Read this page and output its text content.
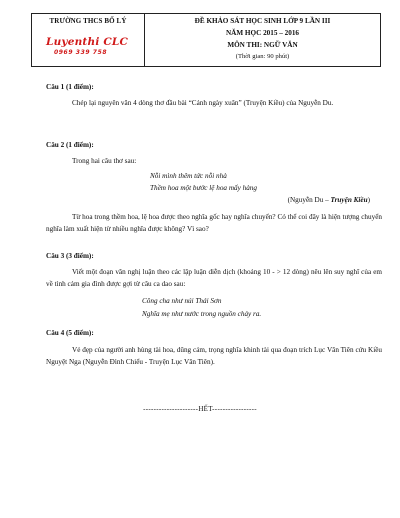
TRƯỜNG THCS BỐ LÝ
Luyenthi CLC
0969 339 758
ĐỀ KHẢO SÁT HỌC SINH LỚP 9 LẦN III
NĂM HỌC 2015 – 2016
MÔN THI: NGỮ VĂN
(Thời gian: 90 phút)
Câu 1 (1 điểm):
Chép lại nguyên văn 4 dòng thơ đầu bài “Cảnh ngày xuân” (Truyện Kiều) của Nguyễn Du.
Câu 2 (1 điểm):
Trong hai câu thơ sau:
Nỗi mình thêm tức nỗi nhà
Thềm hoa một bước lệ hoa mấy hàng
(Nguyễn Du – Truyện Kiều)
Từ hoa trong thềm hoa, lệ hoa được theo nghĩa gốc hay nghĩa chuyển? Có thể coi đây là hiện tượng chuyển nghĩa làm xuất hiện từ nhiều nghĩa được không? Vì sao?
Câu 3 (3 điểm):
Viết một đoạn văn nghị luận theo các lập luận diễn dịch (khoảng 10 - > 12 dòng) nêu lên suy nghĩ của em về tình cảm gia đình được gợi từ câu ca dao sau:
Công cha như núi Thái Sơn
Nghĩa mẹ như nước trong nguồn chảy ra.
Câu 4 (5 điểm):
Vẻ đẹp của người anh hùng tài hoa, dũng cảm, trọng nghĩa khinh tài qua đoạn trích Lục Vân Tiên cứu Kiều Nguyệt Nga (Nguyễn Đình Chiểu - Truyện Lục Vân Tiên).
---------------------HẾT-----------------
